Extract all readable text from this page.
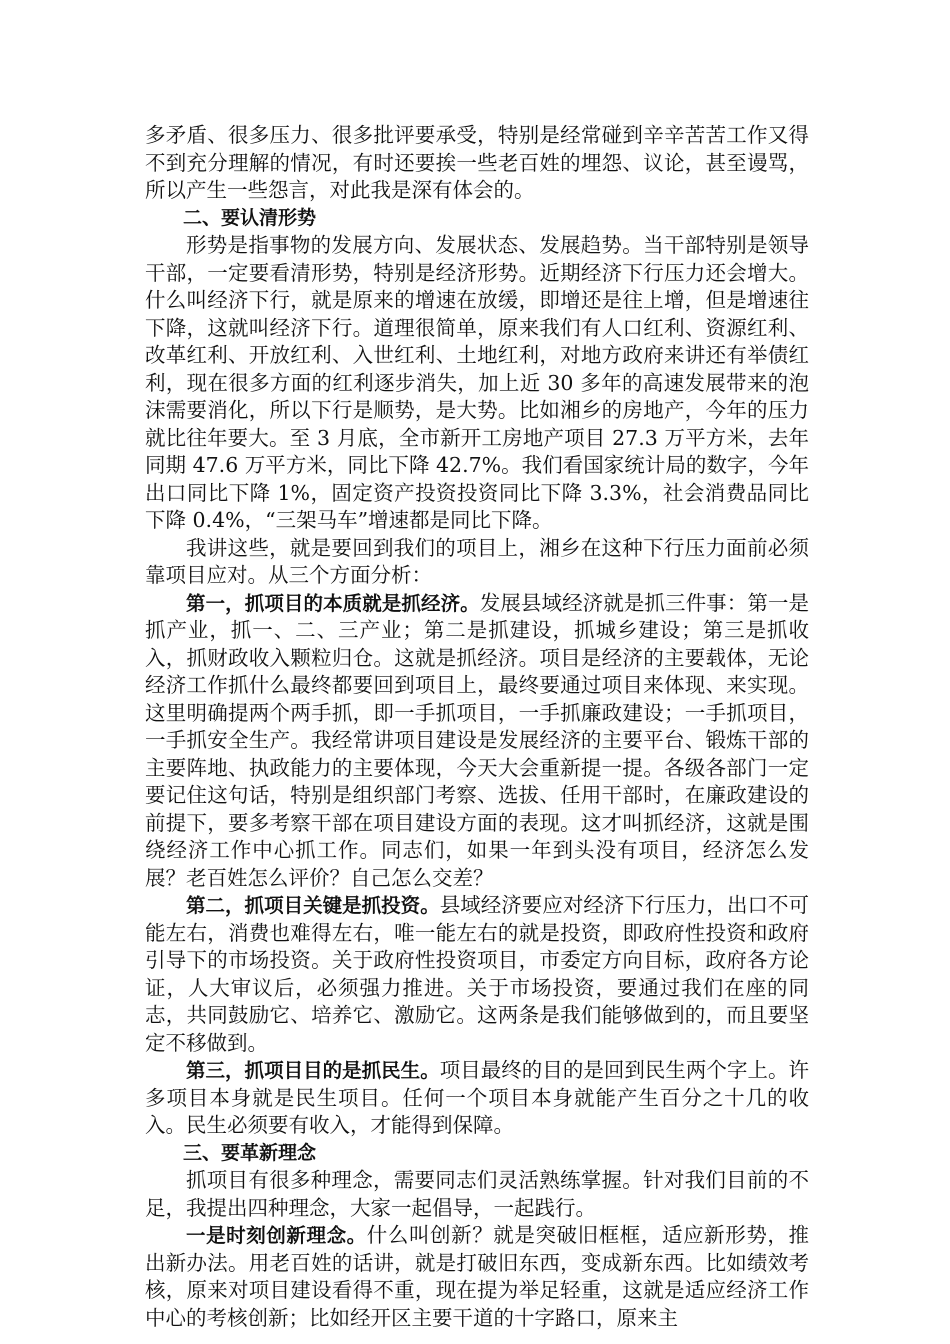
多矛盾、很多压力、很多批评要承受，特别是经常碰到辛辛苦苦工作又得不到充分理解的情况，有时还要挨一些老百姓的埋怨、议论，甚至谩骂，所以产生一些怨言，对此我是深有体会的。

二、要认清形势

形势是指事物的发展方向、发展状态、发展趋势。当干部特别是领导干部，一定要看清形势，特别是经济形势。近期经济下行压力还会增大。什么叫经济下行，就是原来的增速在放缓，即增还是往上增，但是增速往下降，这就叫经济下行。道理很简单，原来我们有人口红利、资源红利、改革红利、开放红利、入世红利、土地红利，对地方政府来讲还有举债红利，现在很多方面的红利逐步消失，加上近 30 多年的高速发展带来的泡沫需要消化，所以下行是顺势，是大势。比如湘乡的房地产，今年的压力就比往年要大。至 3 月底，全市新开工房地产项目 27.3 万平方米，去年同期 47.6 万平方米，同比下降 42.7%。我们看国家统计局的数字，今年出口同比下降 1%，固定资产投资投资同比下降 3.3%，社会消费品同比下降 0.4%，“三架马车”增速都是同比下降。

我讲这些，就是要回到我们的项目上，湘乡在这种下行压力面前必须靠项目应对。从三个方面分析：

第一，抓项目的本质就是抓经济。发展县域经济就是抓三件事：第一是抓产业，抓一、二、三产业；第二是抓建设，抓城乡建设；第三是抓收入，抓财政收入颗粒归仓。这就是抓经济。项目是经济的主要载体，无论经济工作抓什么最终都要回到项目上，最终要通过项目来体现、来实现。这里明确提两个两手抓，即一手抓项目，一手抓廉政建设；一手抓项目，一手抓安全生产。我经常讲项目建设是发展经济的主要平台、锻炼干部的主要阵地、执政能力的主要体现，今天大会重新提一提。各级各部门一定要记住这句话，特别是组织部门考察、选拔、任用干部时，在廉政建设的前提下，要多考察干部在项目建设方面的表现。这才叫抓经济，这就是围绕经济工作中心抓工作。同志们，如果一年到头没有项目，经济怎么发展？老百姓怎么评价？自己怎么交差？

第二，抓项目关键是抓投资。县域经济要应对经济下行压力，出口不可能左右，消费也难得左右，唯一能左右的就是投资，即政府性投资和政府引导下的市场投资。关于政府性投资项目，市委定方向目标，政府各方论证，人大审议后，必须强力推进。关于市场投资，要通过我们在座的同志，共同鼓励它、培养它、激励它。这两条是我们能够做到的，而且要坚定不移做到。

第三，抓项目目的是抓民生。项目最终的目的是回到民生两个字上。许多项目本身就是民生项目。任何一个项目本身就能产生百分之十几的收入。民生必须要有收入，才能得到保障。

三、要革新理念

抓项目有很多种理念，需要同志们灵活熟练掌握。针对我们目前的不足，我提出四种理念，大家一起倡导，一起践行。

一是时刻创新理念。什么叫创新？就是突破旧框框，适应新形势，推出新办法。用老百姓的话讲，就是打破旧东西，变成新东西。比如绩效考核，原来对项目建设看得不重，现在提为举足轻重，这就是适应经济工作中心的考核创新；比如经开区主要干道的十字路口，原来主
